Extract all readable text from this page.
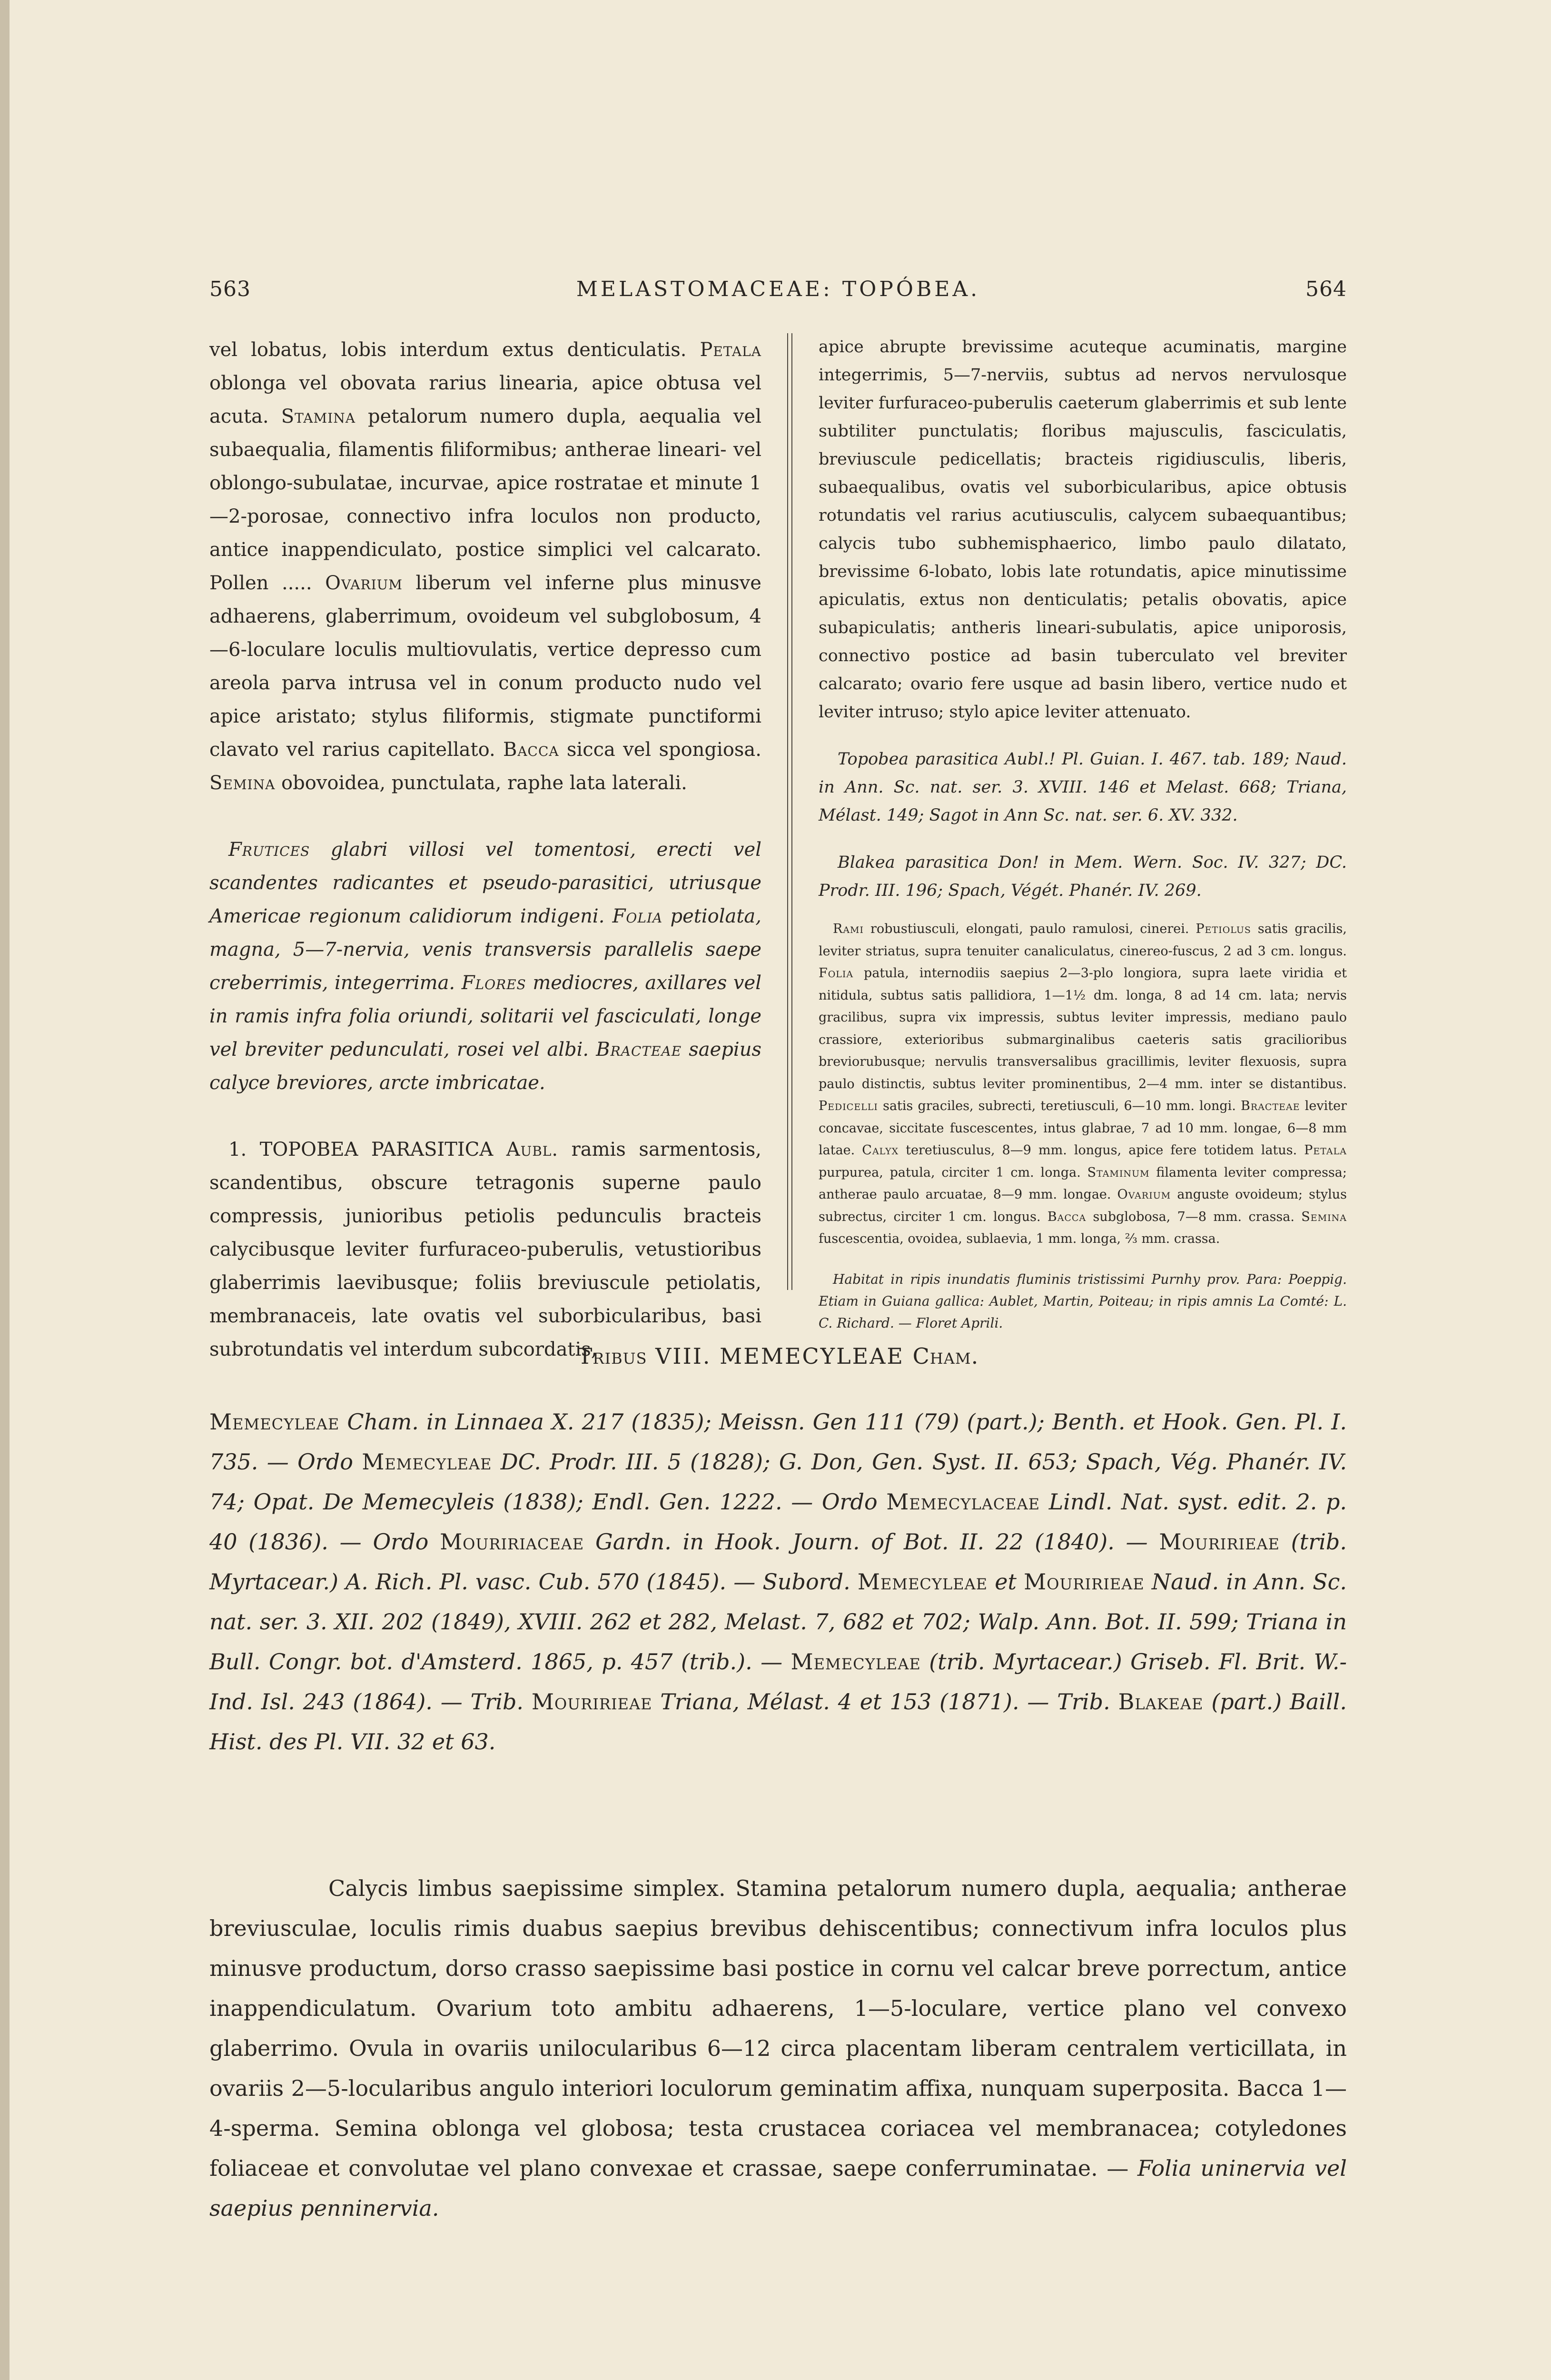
563	MELASTOMACEAE: TOPÓBEA.	564

vel lobatus, lobis interdum extus denticulatis. Petala oblonga vel obovata rarius linearia, apice obtusa vel acuta. Stamina petalorum numero dupla, aequalia vel subaequalia, filamentis filiformibus; antherae lineari- vel oblongo-subulatae, incurvae, apice rostratae et minute 1—2-porosae, connectivo infra loculos non producto, antice inappendiculato, postice simplici vel calcarato. Pollen ..... Ovarium liberum vel inferne plus minusve adhaerens, glaberrimum, ovoideum vel subglobosum, 4—6-loculare loculis multiovulatis, vertice depresso cum areola parva intrusa vel in conum producto nudo vel apice aristato; stylus filiformis, stigmate punctiformi clavato vel rarius capitellato. Bacca sicca vel spongiosa. Semina obovoidea, punctulata, raphe lata laterali.

Frutices glabri villosi vel tomentosi, erecti vel scandentes radicantes et pseudo-parasitici, utriusque Americae regionum calidiorum indigeni. Folia petiolata, magna, 5—7-nervia, venis transversis parallelis saepe creberrimis, integerrima. Flores mediocres, axillares vel in ramis infra folia oriundi, solitarii vel fasciculati, longe vel breviter pedunculati, rosei vel albi. Bracteae saepius calyce breviores, arcte imbricatae.

1. TOPOBEA PARASITICA Aubl. ramis sarmentosis, scandentibus, obscure tetragonis superne paulo compressis, junioribus petiolis pedunculis bracteis calycibusque leviter furfuraceo-puberulis, vetustioribus glaberrimis laevibusque; foliis breviuscule petiolatis, membranaceis, late ovatis vel suborbicularibus, basi subrotundatis vel interdum subcordatis,

apice abrupte brevissime acuteque acuminatis, margine integerrimis, 5—7-nerviis, subtus ad nervos nervulosque leviter furfuraceo-puberulis caeterum glaberrimis et sub lente subtiliter punctulatis; floribus majusculis, fasciculatis, breviuscule pedicellatis; bracteis rigidiusculis, liberis, subaequalibus, ovatis vel suborbicularibus, apice obtusis rotundatis vel rarius acutiusculis, calycem subaequantibus; calycis tubo subhemisphaerico, limbo paulo dilatato, brevissime 6-lobato, lobis late rotundatis, apice minutissime apiculatis, extus non denticulatis; petalis obovatis, apice subapiculatis; antheris lineari-subulatis, apice uniporosis, connectivo postice ad basin tuberculato vel breviter calcarato; ovario fere usque ad basin libero, vertice nudo et leviter intruso; stylo apice leviter attenuato.

Topobea parasitica Aubl.! Pl. Guian. I. 467. tab. 189; Naud. in Ann. Sc. nat. ser. 3. XVIII. 146 et Melast. 668; Triana, Mélast. 149; Sagot in Ann Sc. nat. ser. 6. XV. 332.

Blakea parasitica Don! in Mem. Wern. Soc. IV. 327; DC. Prodr. III. 196; Spach, Végét. Phanér. IV. 269.

Rami robustiusculi, elongati, paulo ramulosi, cinerei. Petiolus satis gracilis, leviter striatus, supra tenuiter canaliculatus, cinereo-fuscus, 2 ad 3 cm. longus. Folia patula, internodiis saepius 2—3-plo longiora, supra laete viridia et nitidula, subtus satis pallidiora, 1—1½ dm. longa, 8 ad 14 cm. lata; nervis gracilibus, supra vix impressis, subtus leviter impressis, mediano paulo crassiore, exterioribus submarginalibus caeteris satis gracilioribus breviorubusque; nervulis transversalibus gracillimis, leviter flexuosis, supra paulo distinctis, subtus leviter prominentibus, 2—4 mm. inter se distantibus. Pedicelli satis graciles, subrecti, teretiusculi, 6—10 mm. longi. Bracteae leviter concavae, siccitate fuscescentes, intus glabrae, 7 ad 10 mm. longae, 6—8 mm latae. Calyx teretiusculus, 8—9 mm. longus, apice fere totidem latus. Petala purpurea, patula, circiter 1 cm. longa. Staminum filamenta leviter compressa; antherae paulo arcuatae, 8—9 mm. longae. Ovarium anguste ovoideum; stylus subrectus, circiter 1 cm. longus. Bacca subglobosa, 7—8 mm. crassa. Semina fuscescentia, ovoidea, sublaevia, 1 mm. longa, ⅔ mm. crassa.

Habitat in ripis inundatis fluminis tristissimi Purnhy prov. Para: Poeppig. Etiam in Guiana gallica: Aublet, Martin, Poiteau; in ripis amnis La Comté: L. C. Richard. — Floret Aprili.

Tribus VIII. MEMECYLEAE Cham.

Memecyleae Cham. in Linnaea X. 217 (1835); Meissn. Gen 111 (79) (part.); Benth. et Hook. Gen. Pl. I. 735. — Ordo Memecyleae DC. Prodr. III. 5 (1828); G. Don, Gen. Syst. II. 653; Spach, Vég. Phanér. IV. 74; Opat. De Memecyleis (1838); Endl. Gen. 1222. — Ordo Memecylaceae Lindl. Nat. syst. edit. 2. p. 40 (1836). — Ordo Mouririaceae Gardn. in Hook. Journ. of Bot. II. 22 (1840). — Mouririeae (trib. Myrtacear.) A. Rich. Pl. vasc. Cub. 570 (1845). — Subord. Memecyleae et Mouririeae Naud. in Ann. Sc. nat. ser. 3. XII. 202 (1849), XVIII. 262 et 282, Melast. 7, 682 et 702; Walp. Ann. Bot. II. 599; Triana in Bull. Congr. bot. d'Amsterd. 1865, p. 457 (trib.). — Memecyleae (trib. Myrtacear.) Griseb. Fl. Brit. W.-Ind. Isl. 243 (1864). — Trib. Mouririeae Triana, Mélast. 4 et 153 (1871). — Trib. Blakeae (part.) Baill. Hist. des Pl. VII. 32 et 63.

Calycis limbus saepissime simplex. Stamina petalorum numero dupla, aequalia; antherae breviusculae, loculis rimis duabus saepius brevibus dehiscentibus; connectivum infra loculos plus minusve productum, dorso crasso saepissime basi postice in cornu vel calcar breve porrectum, antice inappendiculatum. Ovarium toto ambitu adhaerens, 1—5-loculare, vertice plano vel convexo glaberrimo. Ovula in ovariis unilocularibus 6—12 circa placentam liberam centralem verticillata, in ovariis 2—5-locularibus angulo interiori loculorum geminatim affixa, nunquam superposita. Bacca 1—4-sperma. Semina oblonga vel globosa; testa crustacea coriacea vel membranacea; cotyledones foliaceae et convolutae vel plano convexae et crassae, saepe conferruminatae. — Folia uninervia vel saepius penninervia.
